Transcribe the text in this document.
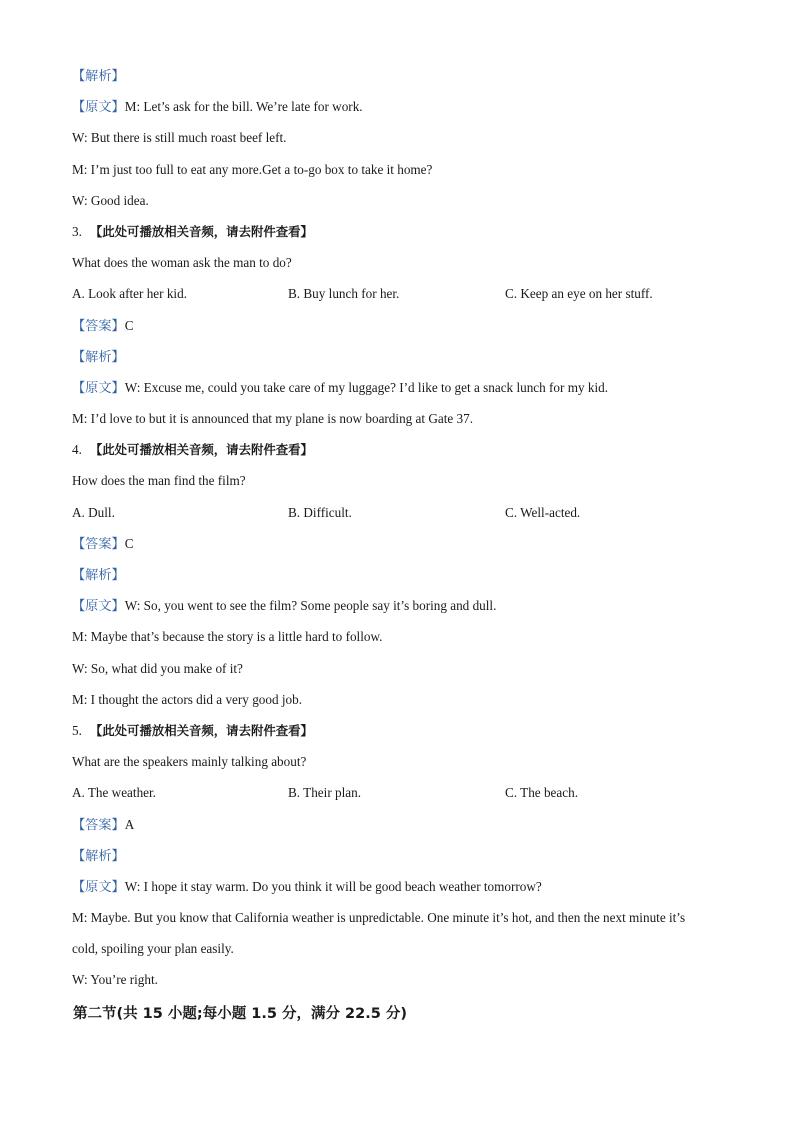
【解析】
【原文】M: Let’s ask for the bill. We’re late for work.
W: But there is still much roast beef left.
M: I’m just too full to eat any more.Get a to-go box to take it home?
W: Good idea.
3. 【此处可播放相关音频，请去附件查看】
What does the woman ask the man to do?
A. Look after her kid.	B. Buy lunch for her.	C. Keep an eye on her stuff.
【答案】C
【解析】
【原文】W: Excuse me, could you take care of my luggage? I’d like to get a snack lunch for my kid.
M: I’d love to but it is announced that my plane is now boarding at Gate 37.
4. 【此处可播放相关音频，请去附件查看】
How does the man find the film?
A. Dull.	B. Difficult.	C. Well-acted.
【答案】C
【解析】
【原文】W: So, you went to see the film? Some people say it’s boring and dull.
M: Maybe that’s because the story is a little hard to follow.
W: So, what did you make of it?
M: I thought the actors did a very good job.
5. 【此处可播放相关音频，请去附件查看】
What are the speakers mainly talking about?
A. The weather.	B. Their plan.	C. The beach.
【答案】A
【解析】
【原文】W: I hope it stay warm. Do you think it will be good beach weather tomorrow?
M: Maybe. But you know that California weather is unpredictable. One minute it’s hot, and then the next minute it’s
cold, spoiling your plan easily.
W: You’re right.
第二节(共 15 小题;每小题 1.5 分，满分 22.5 分)
